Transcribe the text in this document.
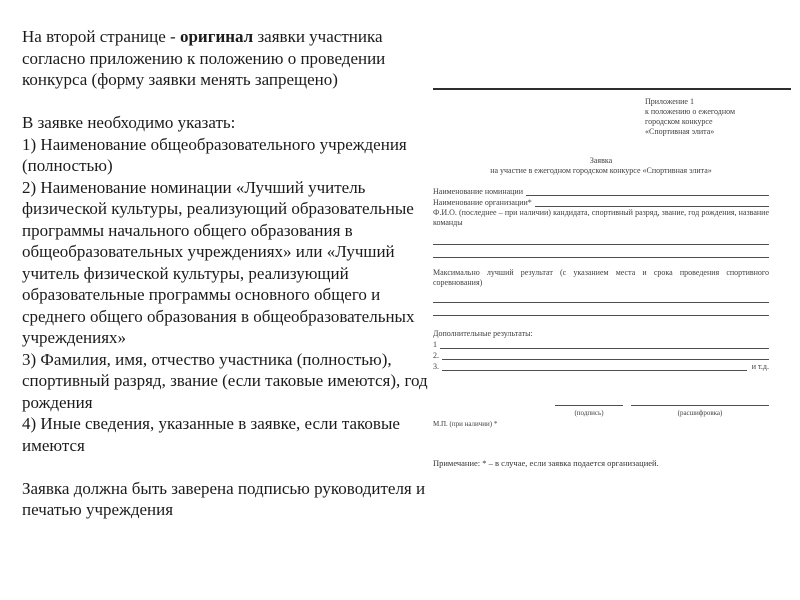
На второй странице - оригинал заявки участника согласно приложению к положению о проведении конкурса (форму заявки менять запрещено)

В заявке необходимо указать:
1) Наименование общеобразовательного учреждения (полностью)
2) Наименование номинации «Лучший учитель физической культуры, реализующий образовательные программы начального общего образования в общеобразовательных учреждениях» или «Лучший учитель физической культуры, реализующий образовательные программы основного общего и среднего общего образования в общеобразовательных учреждениях»
3) Фамилия, имя, отчество участника (полностью), спортивный разряд, звание (если таковые имеются), год рождения
4) Иные сведения, указанные в заявке, если таковые имеются

Заявка должна быть заверена подписью руководителя и печатью учреждения

Приложение 1
к положению о ежегодном
городском конкурсе
«Спортивная элита»
Заявка
на участие в ежегодном городском конкурсе «Спортивная элита»
Наименование номинации
Наименование организации*
Ф.И.О. (последнее – при наличии) кандидата, спортивный разряд, звание, год рождения, название команды
Максимально лучший результат (с указанием места и срока проведения спортивного соревнования)
Дополнительные результаты:
1
2.
3.	и т.д.
(подпись)	(расшифровка)
М.П. (при наличии) *
Примечание: * – в случае, если заявка подается организацией.
